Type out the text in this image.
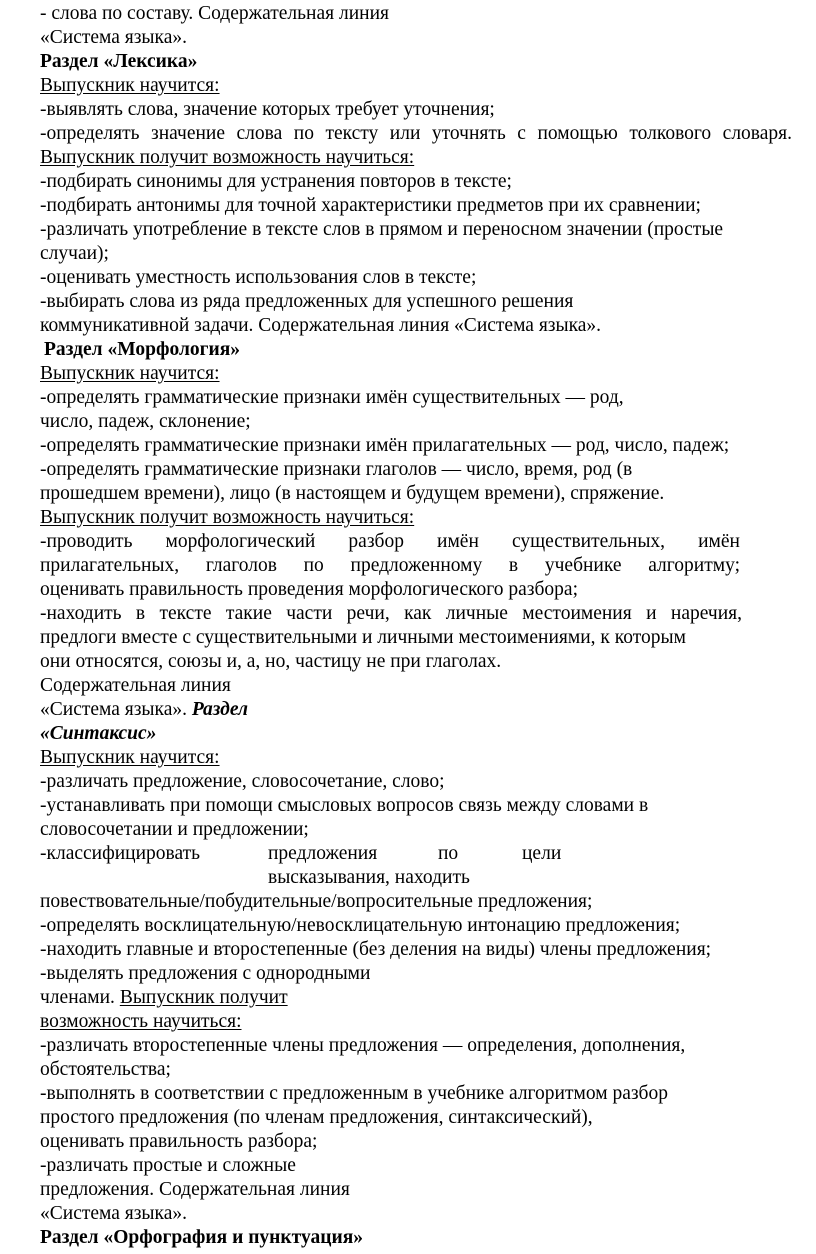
- слова по составу. Содержательная линия
«Система языка».
Раздел «Лексика»
Выпускник научится:
-выявлять слова, значение которых требует уточнения;
-определять значение слова по тексту или уточнять с помощью толкового словаря.
Выпускник получит возможность научиться:
-подбирать синонимы для устранения повторов в тексте;
-подбирать антонимы для точной характеристики предметов при их сравнении;
-различать употребление в тексте слов в прямом и переносном значении (простые
случаи);
-оценивать уместность использования слов в тексте;
-выбирать слова из ряда предложенных для успешного решения
коммуникативной задачи. Содержательная линия «Система языка».
Раздел «Морфология»
Выпускник научится:
-определять грамматические признаки имён существительных — род,
число, падеж, склонение;
-определять грамматические признаки имён прилагательных — род, число, падеж;
-определять грамматические признаки глаголов — число, время, род (в
прошедшем времени), лицо (в настоящем и будущем времени), спряжение.
Выпускник получит возможность научиться:
-проводить морфологический разбор имён существительных, имён
прилагательных, глаголов по предложенному в учебнике алгоритму;
оценивать правильность проведения морфологического разбора;
-находить в тексте такие части речи, как личные местоимения и наречия,
предлоги вместе с существительными и личными местоимениями, к которым
они относятся, союзы и, а, но, частицу не при глаголах.
Содержательная линия
«Система языка». Раздел
«Синтаксис»
Выпускник научится:
-различать предложение, словосочетание, слово;
-устанавливать при помощи смысловых вопросов связь между словами в
словосочетании и предложении;
-классифицировать	предложения	по	цели
высказывания, находить
повествовательные/побудительные/вопросительные предложения;
-определять восклицательную/невосклицательную интонацию предложения;
-находить главные и второстепенные (без деления на виды) члены предложения;
-выделять предложения с однородными
членами. Выпускник получит
возможность научиться:
-различать второстепенные члены предложения — определения, дополнения,
обстоятельства;
-выполнять в соответствии с предложенным в учебнике алгоритмом разбор
простого предложения (по членам предложения, синтаксический),
оценивать правильность разбора;
-различать простые и сложные
предложения. Содержательная линия
«Система языка».
Раздел «Орфография и пунктуация»
